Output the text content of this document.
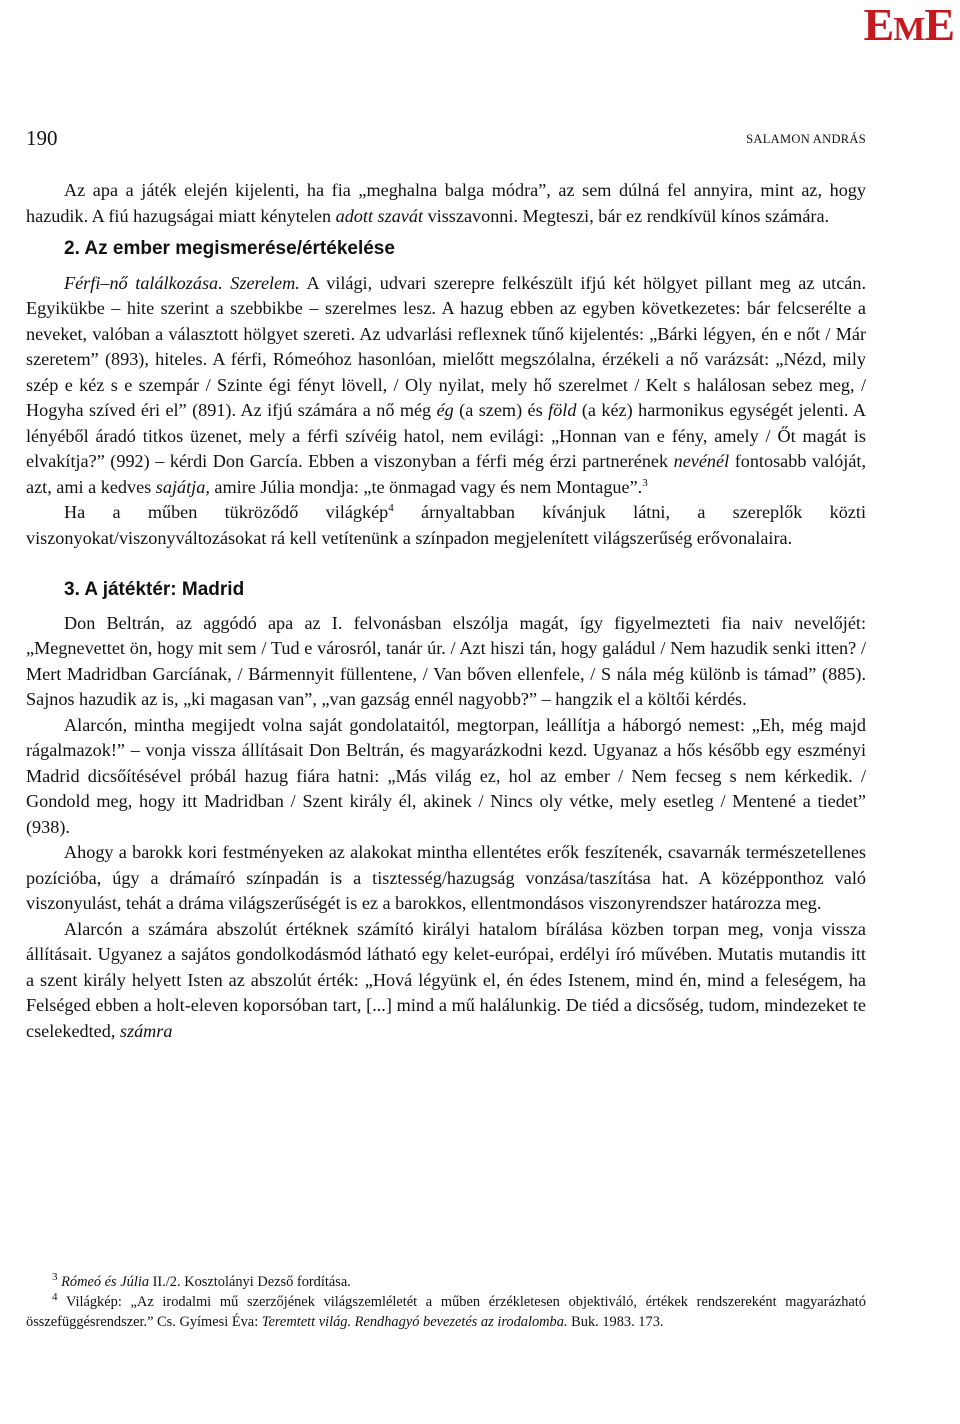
EME
190	SALAMON ANDRÁS

Az apa a játék elején kijelenti, ha fia „meghalna balga módra”, az sem dúlná fel annyira, mint az, hogy hazudik. A fiú hazugságai miatt kénytelen adott szavát visszavonni. Megteszi, bár ez rendkívül kínos számára.

2. Az ember megismerése/értékelése

Férfi–nő találkozása. Szerelem. A világi, udvari szerepre felkészült ifjú két hölgyet pillant meg az utcán. Egyikükbe – hite szerint a szebbikbe – szerelmes lesz. A hazug ebben az egyben következetes: bár felcserélte a neveket, valóban a választott hölgyet szereti. Az udvarlási reflexnek tűnő kijelentés: „Bárki légyen, én e nőt / Már szeretem” (893), hiteles. A férfi, Rómeóhoz hasonlóan, mielőtt megszólalna, érzékeli a nő varázsát: „Nézd, mily szép e kéz s e szempár / Szinte égi fényt lövell, / Oly nyilat, mely hő szerelmet / Kelt s halálosan sebez meg, / Hogyha szíved éri el” (891). Az ifjú számára a nő még ég (a szem) és föld (a kéz) harmonikus egységét jelenti. A lényéből áradó titkos üzenet, mely a férfi szívéig hatol, nem evilági: „Honnan van e fény, amely / Őt magát is elvakítja?” (992) – kérdi Don García. Ebben a viszonyban a férfi még érzi partnerének nevénél fontosabb valóját, azt, ami a kedves sajátja, amire Júlia mondja: „te önmagad vagy és nem Montague”.$^3$

Ha a műben tükröződő világkép$^4$ árnyaltabban kívánjuk látni, a szereplők közti viszonyokat/viszonyváltozásokat rá kell vetítenünk a színpadon megjelenített világszerűség erővonalaira.

3. A játéktér: Madrid

Don Beltrán, az aggódó apa az I. felvonásban elszólja magát, így figyelmezteti fia naiv nevelőjét: „Megnevettet ön, hogy mit sem / Tud e városról, tanár úr. / Azt hiszi tán, hogy galádul / Nem hazudik senki itten? / Mert Madridban Garcíának, / Bármennyit füllentene, / Van bőven ellenfele, / S nála még különb is támad” (885). Sajnos hazudik az is, „ki magasan van”, „van gazság ennél nagyobb?” – hangzik el a költői kérdés.

Alarcón, mintha megijedt volna saját gondolataitól, megtorpan, leállítja a háborgó nemest: „Eh, még majd rágalmazok!” – vonja vissza állításait Don Beltrán, és magyarázkodni kezd. Ugyanaz a hős később egy eszményi Madrid dicsőítésével próbál hazug fiára hatni: „Más világ ez, hol az ember / Nem fecseg s nem kérkedik. / Gondold meg, hogy itt Madridban / Szent király él, akinek / Nincs oly vétke, mely esetleg / Mentené a tiedet” (938).

Ahogy a barokk kori festményeken az alakokat mintha ellentétes erők feszítenék, csavarnák természetellenes pozícióba, úgy a drámaíró színpadán is a tisztesség/hazugság vonzása/taszítása hat. A középponthoz való viszonyulást, tehát a dráma világszerűségét is ez a barokkos, ellentmondásos viszonyrendszer határozza meg.

Alarcón a számára abszolút értéknek számító királyi hatalom bírálása közben torpan meg, vonja vissza állításait. Ugyanez a sajátos gondolkodásmód látható egy kelet-európai, erdélyi író művében. Mutatis mutandis itt a szent király helyett Isten az abszolút érték: „Hová légyünk el, én édes Istenem, mind én, mind a feleségem, ha Felséged ebben a holt-eleven koporsóban tart, [...] mind a mű halálunkig. De tiéd a dicsőség, tudom, mindezeket te cselekedted, számra

$^3$ Rómeó és Júlia II./2. Kosztolányi Dezső fordítása.

$^4$ Világkép: „Az irodalmi mű szerzőjének világszemléletét a műben érzékletesen objektiváló, értékek rendszereként magyarázható összefüggésrendszer.” Cs. Gyímesi Éva: Teremtett világ. Rendhagyó bevezetés az irodalomba. Buk. 1983. 173.
